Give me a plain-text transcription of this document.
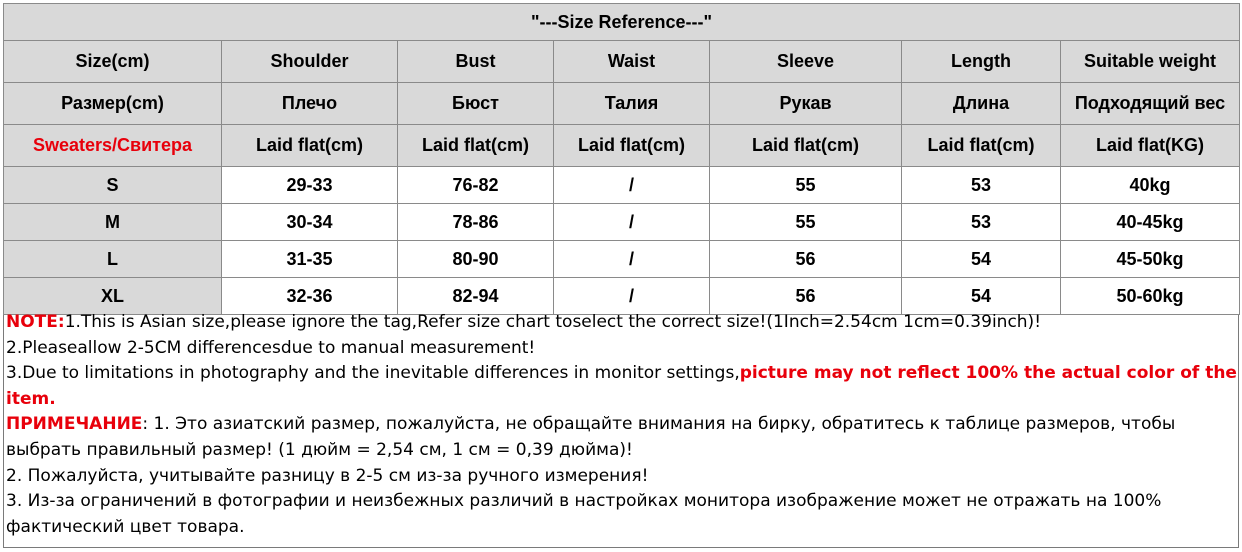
"---Size Reference---"						
Size(cm)	Shoulder	Bust	Waist	Sleeve	Length	Suitable weight
Размер(cm)	Плечо	Бюст	Талия	Рукав	Длина	Подходящий вес
Sweaters/Свитера	Laid flat(cm)	Laid flat(cm)	Laid flat(cm)	Laid flat(cm)	Laid flat(cm)	Laid flat(KG)
S	29-33	76-82	/	55	53	40kg
M	30-34	78-86	/	55	53	40-45kg
L	31-35	80-90	/	56	54	45-50kg
XL	32-36	82-94	/	56	54	50-60kg

NOTE:1.This is Asian size,please ignore the tag,Refer size chart toselect the correct size!(1Inch=2.54cm 1cm=0.39inch)!

2.Pleaseallow 2-5CM differencesdue to manual measurement!

3.Due to limitations in photography and the inevitable differences in monitor settings,picture may not reflect 100% the actual color of the item.

ПРИМЕЧАНИЕ: 1. Это азиатский размер, пожалуйста, не обращайте внимания на бирку, обратитесь к таблице размеров, чтобы выбрать правильный размер! (1 дюйм = 2,54 см, 1 см = 0,39 дюйма)!

2. Пожалуйста, учитывайте разницу в 2-5 см из-за ручного измерения!

3. Из-за ограничений в фотографии и неизбежных различий в настройках монитора изображение может не отражать на 100% фактический цвет товара.
